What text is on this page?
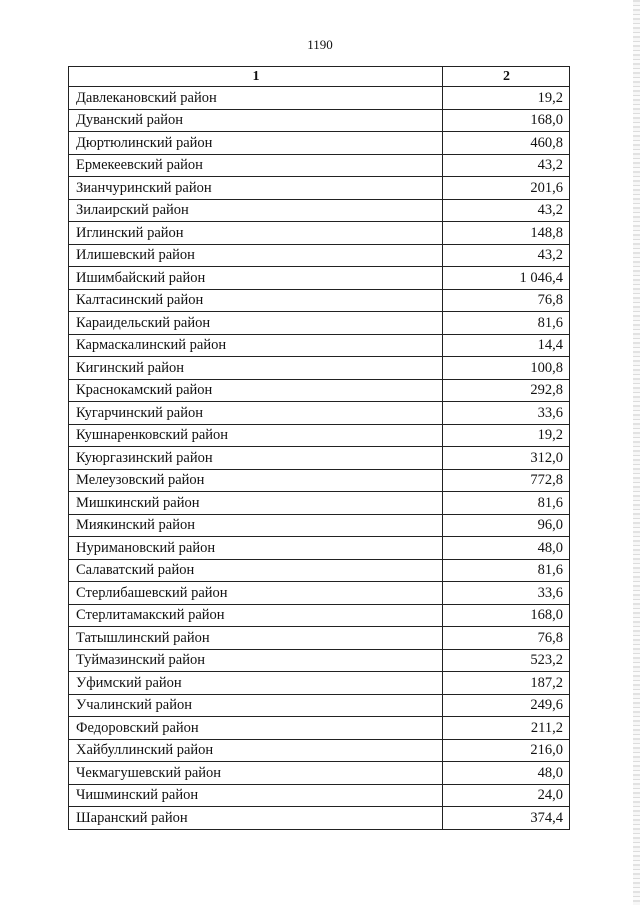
1190
1	2
Давлекановский район	19,2
Дуванский район	168,0
Дюртюлинский район	460,8
Ермекеевский район	43,2
Зианчуринский район	201,6
Зилаирский район	43,2
Иглинский район	148,8
Илишевский район	43,2
Ишимбайский район	1 046,4
Калтасинский район	76,8
Караидельский район	81,6
Кармаскалинский район	14,4
Кигинский район	100,8
Краснокамский район	292,8
Кугарчинский район	33,6
Кушнаренковский район	19,2
Куюргазинский район	312,0
Мелеузовский район	772,8
Мишкинский район	81,6
Миякинский район	96,0
Нуримановский район	48,0
Салаватский район	81,6
Стерлибашевский район	33,6
Стерлитамакский район	168,0
Татышлинский район	76,8
Туймазинский район	523,2
Уфимский район	187,2
Учалинский район	249,6
Федоровский район	211,2
Хайбуллинский район	216,0
Чекмагушевский район	48,0
Чишминский район	24,0
Шаранский район	374,4
